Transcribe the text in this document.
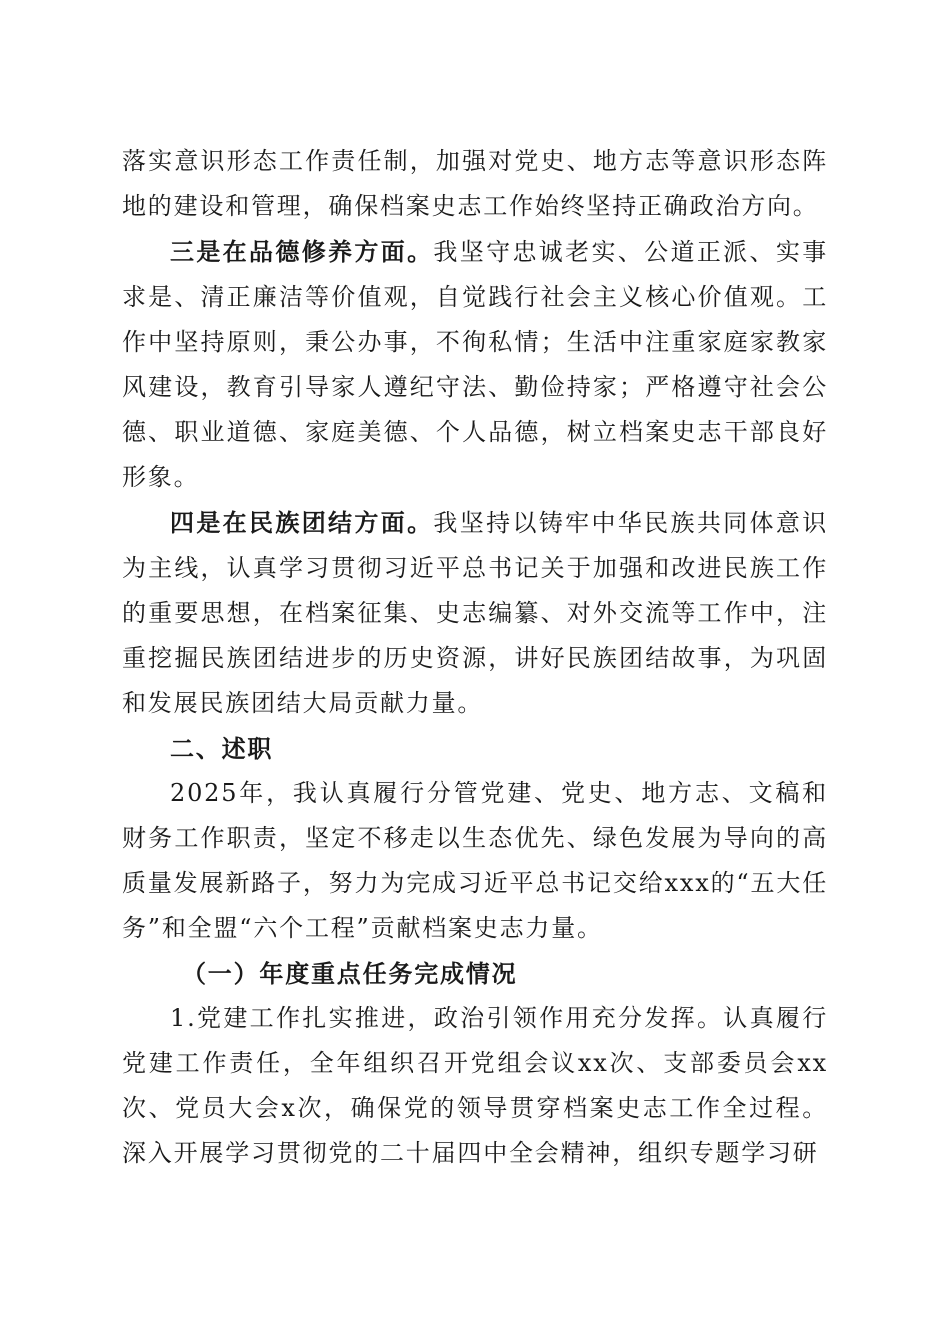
落实意识形态工作责任制，加强对党史、地方志等意识形态阵地的建设和管理，确保档案史志工作始终坚持正确政治方向。

三是在品德修养方面。我坚守忠诚老实、公道正派、实事求是、清正廉洁等价值观，自觉践行社会主义核心价值观。工作中坚持原则，秉公办事，不徇私情；生活中注重家庭家教家风建设，教育引导家人遵纪守法、勤俭持家；严格遵守社会公德、职业道德、家庭美德、个人品德，树立档案史志干部良好形象。

四是在民族团结方面。我坚持以铸牢中华民族共同体意识为主线，认真学习贯彻习近平总书记关于加强和改进民族工作的重要思想，在档案征集、史志编纂、对外交流等工作中，注重挖掘民族团结进步的历史资源，讲好民族团结故事，为巩固和发展民族团结大局贡献力量。

二、述职

2025年，我认真履行分管党建、党史、地方志、文稿和财务工作职责，坚定不移走以生态优先、绿色发展为导向的高质量发展新路子，努力为完成习近平总书记交给xxx的“五大任务”和全盟“六个工程”贡献档案史志力量。

（一）年度重点任务完成情况

1.党建工作扎实推进，政治引领作用充分发挥。认真履行党建工作责任，全年组织召开党组会议xx次、支部委员会xx次、党员大会x次，确保党的领导贯穿档案史志工作全过程。深入开展学习贯彻党的二十届四中全会精神，组织专题学习研
